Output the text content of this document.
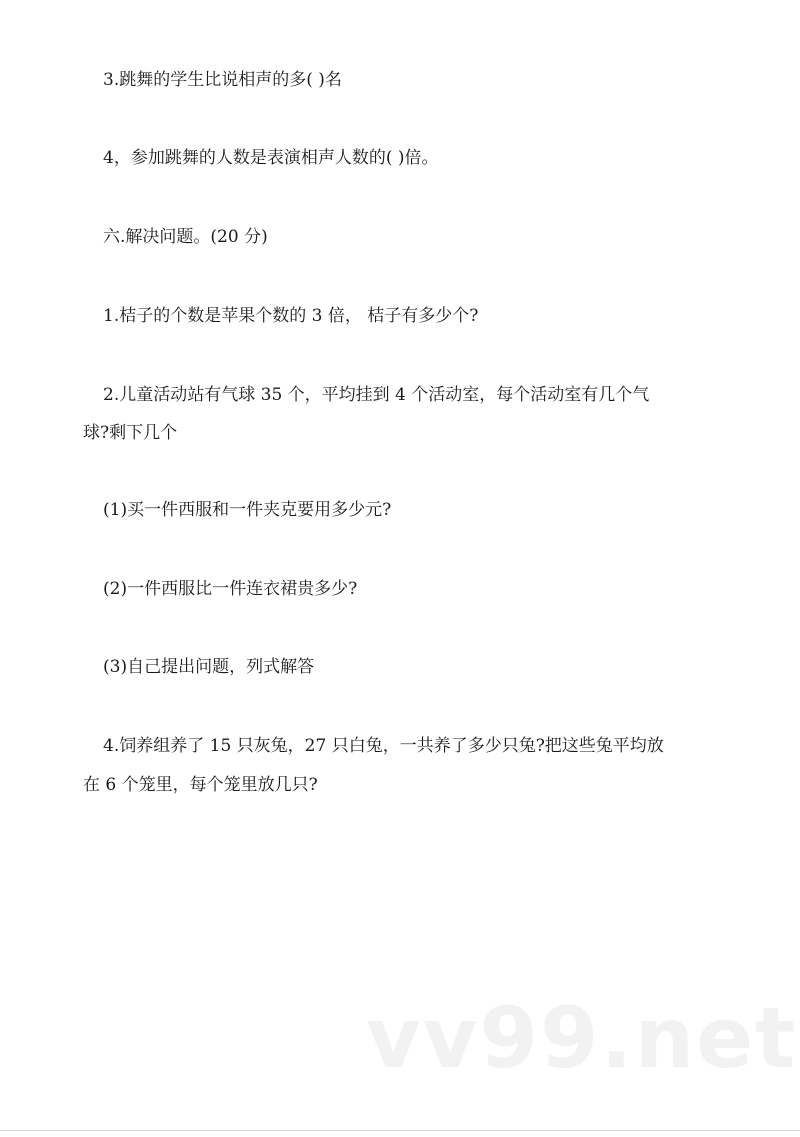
3.跳舞的学生比说相声的多( )名
4，参加跳舞的人数是表演相声人数的( )倍。
六.解决问题。(20 分)
1.桔子的个数是苹果个数的 3 倍， 桔子有多少个?
2.儿童活动站有气球 35 个，平均挂到 4 个活动室，每个活动室有几个气
球?剩下几个
(1)买一件西服和一件夹克要用多少元?
(2)一件西服比一件连衣裙贵多少?
(3)自己提出问题，列式解答
4.饲养组养了 15 只灰兔，27 只白兔，一共养了多少只兔?把这些兔平均放
在 6 个笼里，每个笼里放几只?
vv99.net
